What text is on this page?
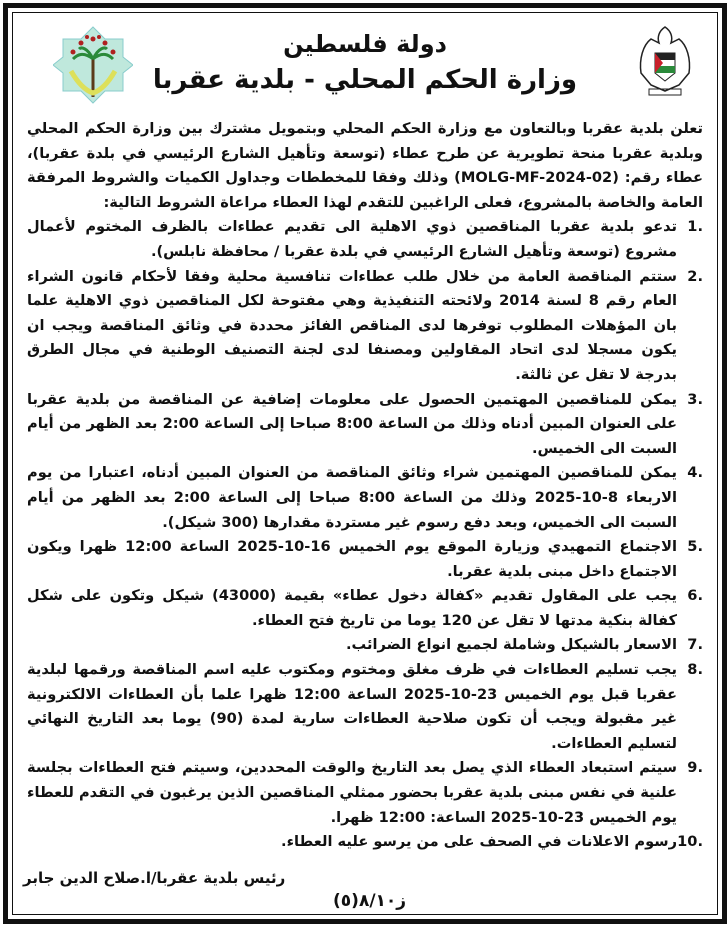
دولة فلسطين
وزارة الحكم المحلي - بلدية عقربا

تعلن بلدية عقربا وبالتعاون مع وزارة الحكم المحلي وبتمويل مشترك بين وزارة الحكم المحلي وبلدية عقربا منحة تطويرية عن طرح عطاء (توسعة وتأهيل الشارع الرئيسي في بلدة عقربا)، عطاء رقم: (MOLG-MF-2024-02) وذلك وفقا للمخططات وجداول الكميات والشروط المرفقة العامة والخاصة بالمشروع، فعلى الراغبين للتقدم لهذا العطاء مراعاة الشروط التالية:

1.
تدعو بلدية عقربا المناقصين ذوي الاهلية الى تقديم عطاءات بالظرف المختوم لأعمال مشروع (توسعة وتأهيل الشارع الرئيسي في بلدة عقربا / محافظة نابلس).
2.
ستتم المناقصة العامة من خلال طلب عطاءات تنافسية محلية وفقا لأحكام قانون الشراء العام رقم 8 لسنة 2014 ولائحته التنفيذية وهي مفتوحة لكل المناقصين ذوي الاهلية علما بان المؤهلات المطلوب توفرها لدى المناقص الفائز محددة في وثائق المناقصة ويجب ان يكون مسجلا لدى اتحاد المقاولين ومصنفا لدى لجنة التصنيف الوطنية في مجال الطرق بدرجة لا تقل عن ثالثة.
3.
يمكن للمناقصين المهتمين الحصول على معلومات إضافية عن المناقصة من بلدية عقربا على العنوان المبين أدناه وذلك من الساعة 8:00 صباحا إلى الساعة 2:00 بعد الظهر من أيام السبت الى الخميس.
4.
يمكن للمناقصين المهتمين شراء وثائق المناقصة من العنوان المبين أدناه، اعتبارا من يوم الاربعاء 8-10-2025 وذلك من الساعة 8:00 صباحا إلى الساعة 2:00 بعد الظهر من أيام السبت الى الخميس، وبعد دفع رسوم غير مستردة مقدارها (300 شيكل).
5.
الاجتماع التمهيدي وزيارة الموقع يوم الخميس 16-10-2025 الساعة 12:00 ظهرا ويكون الاجتماع داخل مبنى بلدية عقربا.
6.
يجب على المقاول تقديم «كفالة دخول عطاء» بقيمة (43000) شيكل وتكون على شكل كفالة بنكية مدتها لا تقل عن 120 يوما من تاريخ فتح العطاء.
7.
الاسعار بالشيكل وشاملة لجميع انواع الضرائب.
8.
يجب تسليم العطاءات في ظرف مغلق ومختوم ومكتوب عليه اسم المناقصة ورقمها لبلدية عقربا قبل يوم الخميس 23-10-2025 الساعة 12:00 ظهرا علما بأن العطاءات الالكترونية غير مقبولة ويجب أن تكون صلاحية العطاءات سارية لمدة (90) يوما بعد التاريخ النهائي لتسليم العطاءات.
9.
سيتم استبعاد العطاء الذي يصل بعد التاريخ والوقت المحددين، وسيتم فتح العطاءات بجلسة علنية في نفس مبنى بلدية عقربا بحضور ممثلي المناقصين الذين يرغبون في التقدم للعطاء يوم الخميس 23-10-2025 الساعة: 12:00 ظهرا.
10.
رسوم الاعلانات في الصحف على من يرسو عليه العطاء.
رئيس بلدية عقربا/ا.صلاح الدين جابر
ز٨/١٠(٥)
